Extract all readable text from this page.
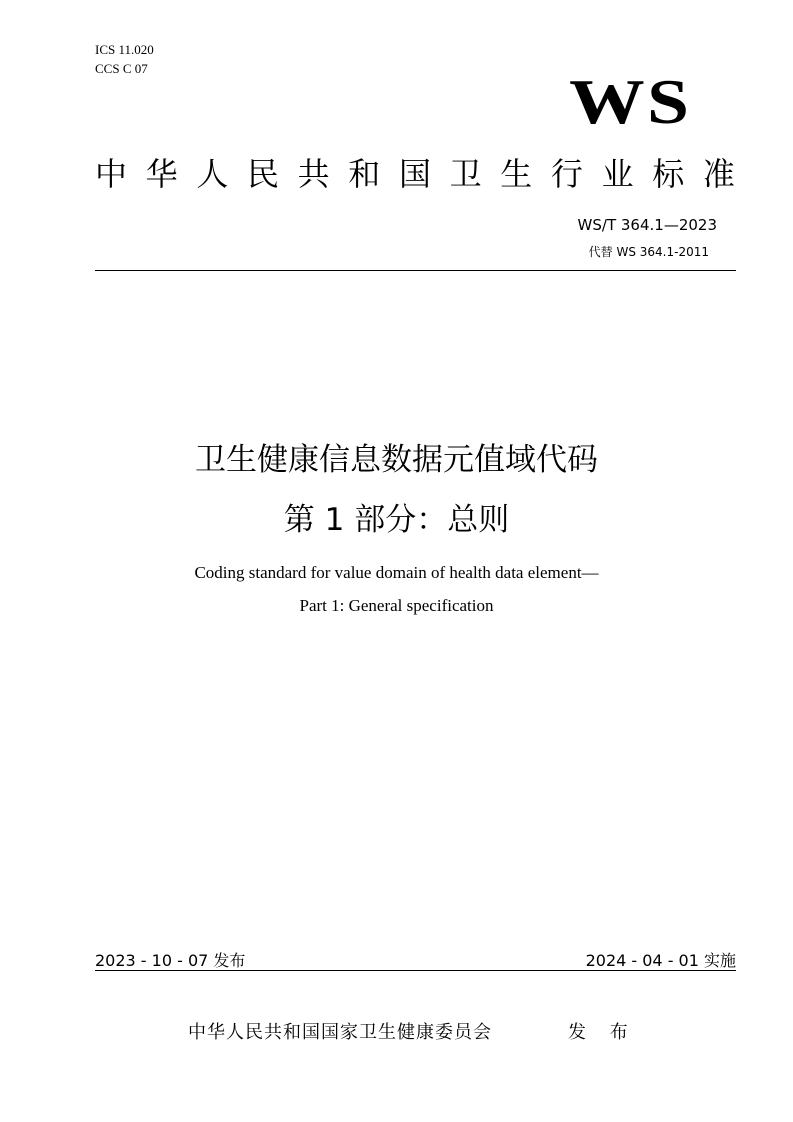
ICS 11.020
CCS C 07	WS
中 华 人 民 共 和 国 卫 生 行 业 标 准
WS/T 364.1—2023
代替 WS 364.1-2011
卫生健康信息数据元值域代码
第 1 部分：总则
Coding standard for value domain of health data element—
Part 1: General specification
2023 - 10 - 07 发布	2024 - 04 - 01 实施
中华人民共和国国家卫生健康委员会	发 布
